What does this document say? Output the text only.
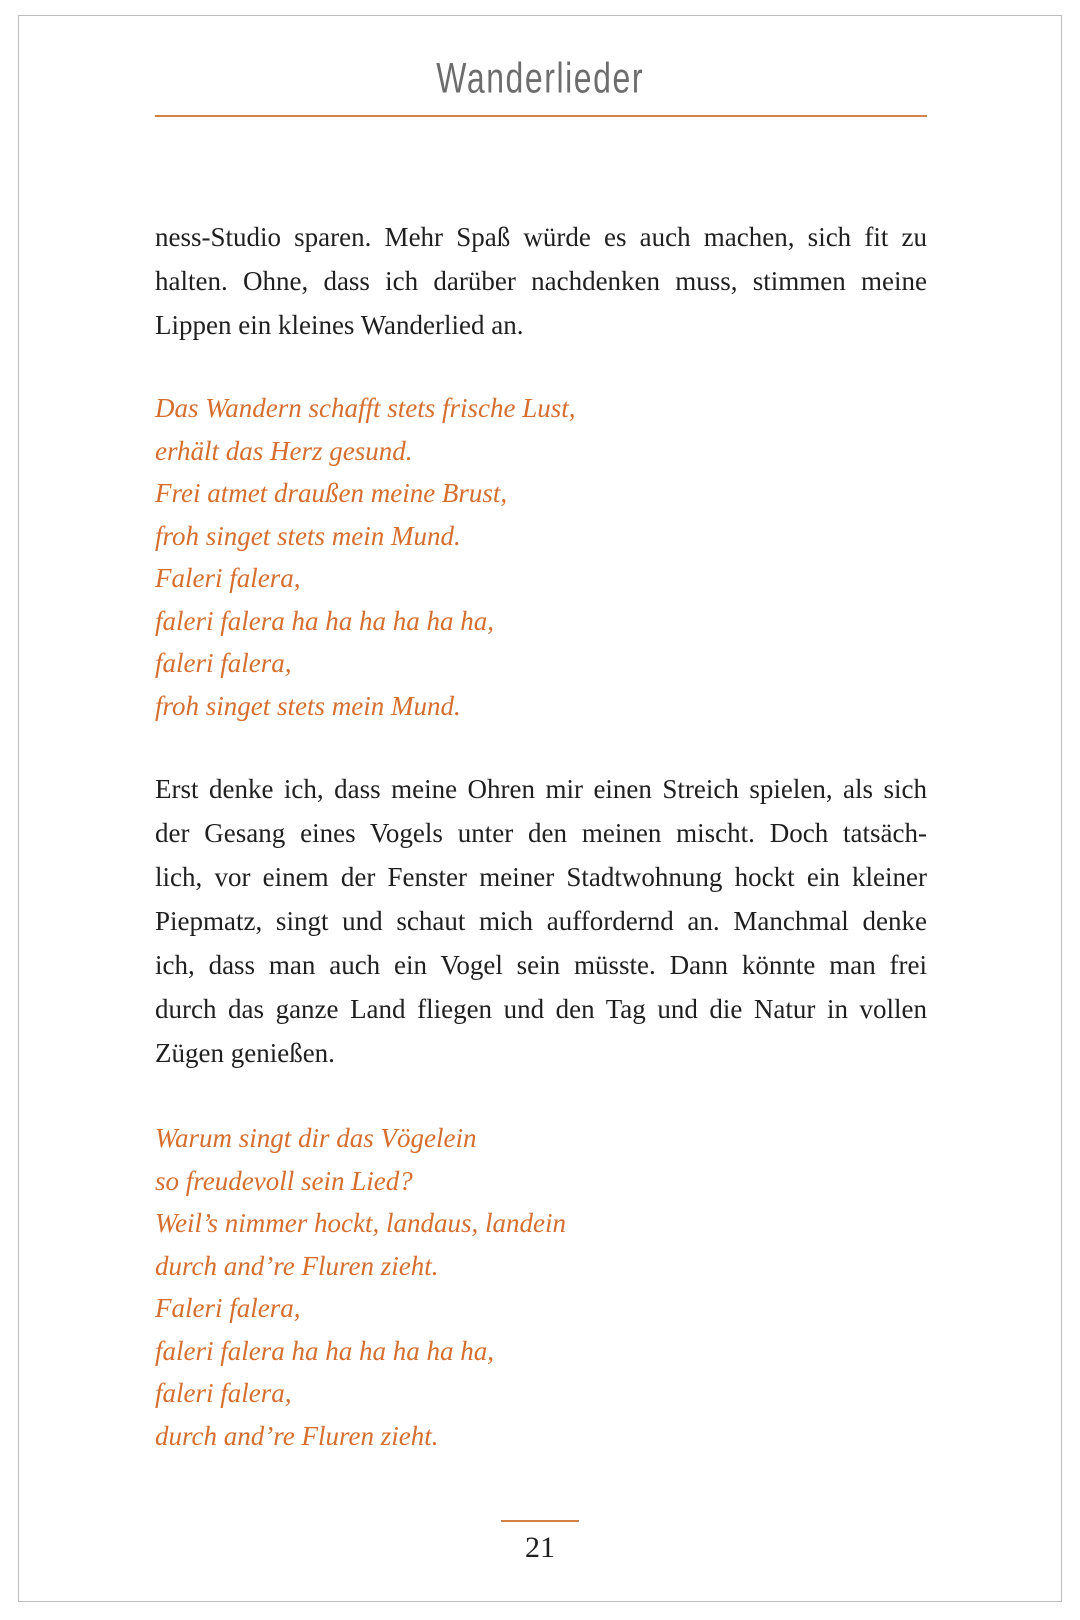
Wanderlieder
ness-Studio sparen. Mehr Spaß würde es auch machen, sich fit zu
halten. Ohne, dass ich darüber nachdenken muss, stimmen meine
Lippen ein kleines Wanderlied an.
Das Wandern schafft stets frische Lust,
erhält das Herz gesund.
Frei atmet draußen meine Brust,
froh singet stets mein Mund.
Faleri falera,
faleri falera ha ha ha ha ha ha,
faleri falera,
froh singet stets mein Mund.
Erst denke ich, dass meine Ohren mir einen Streich spielen, als sich
der Gesang eines Vogels unter den meinen mischt. Doch tatsäch-
lich, vor einem der Fenster meiner Stadtwohnung hockt ein kleiner
Piepmatz, singt und schaut mich auffordernd an. Manchmal denke
ich, dass man auch ein Vogel sein müsste. Dann könnte man frei
durch das ganze Land fliegen und den Tag und die Natur in vollen
Zügen genießen.
Warum singt dir das Vögelein
so freudevoll sein Lied?
Weil’s nimmer hockt, landaus, landein
durch and’re Fluren zieht.
Faleri falera,
faleri falera ha ha ha ha ha ha,
faleri falera,
durch and’re Fluren zieht.
21
